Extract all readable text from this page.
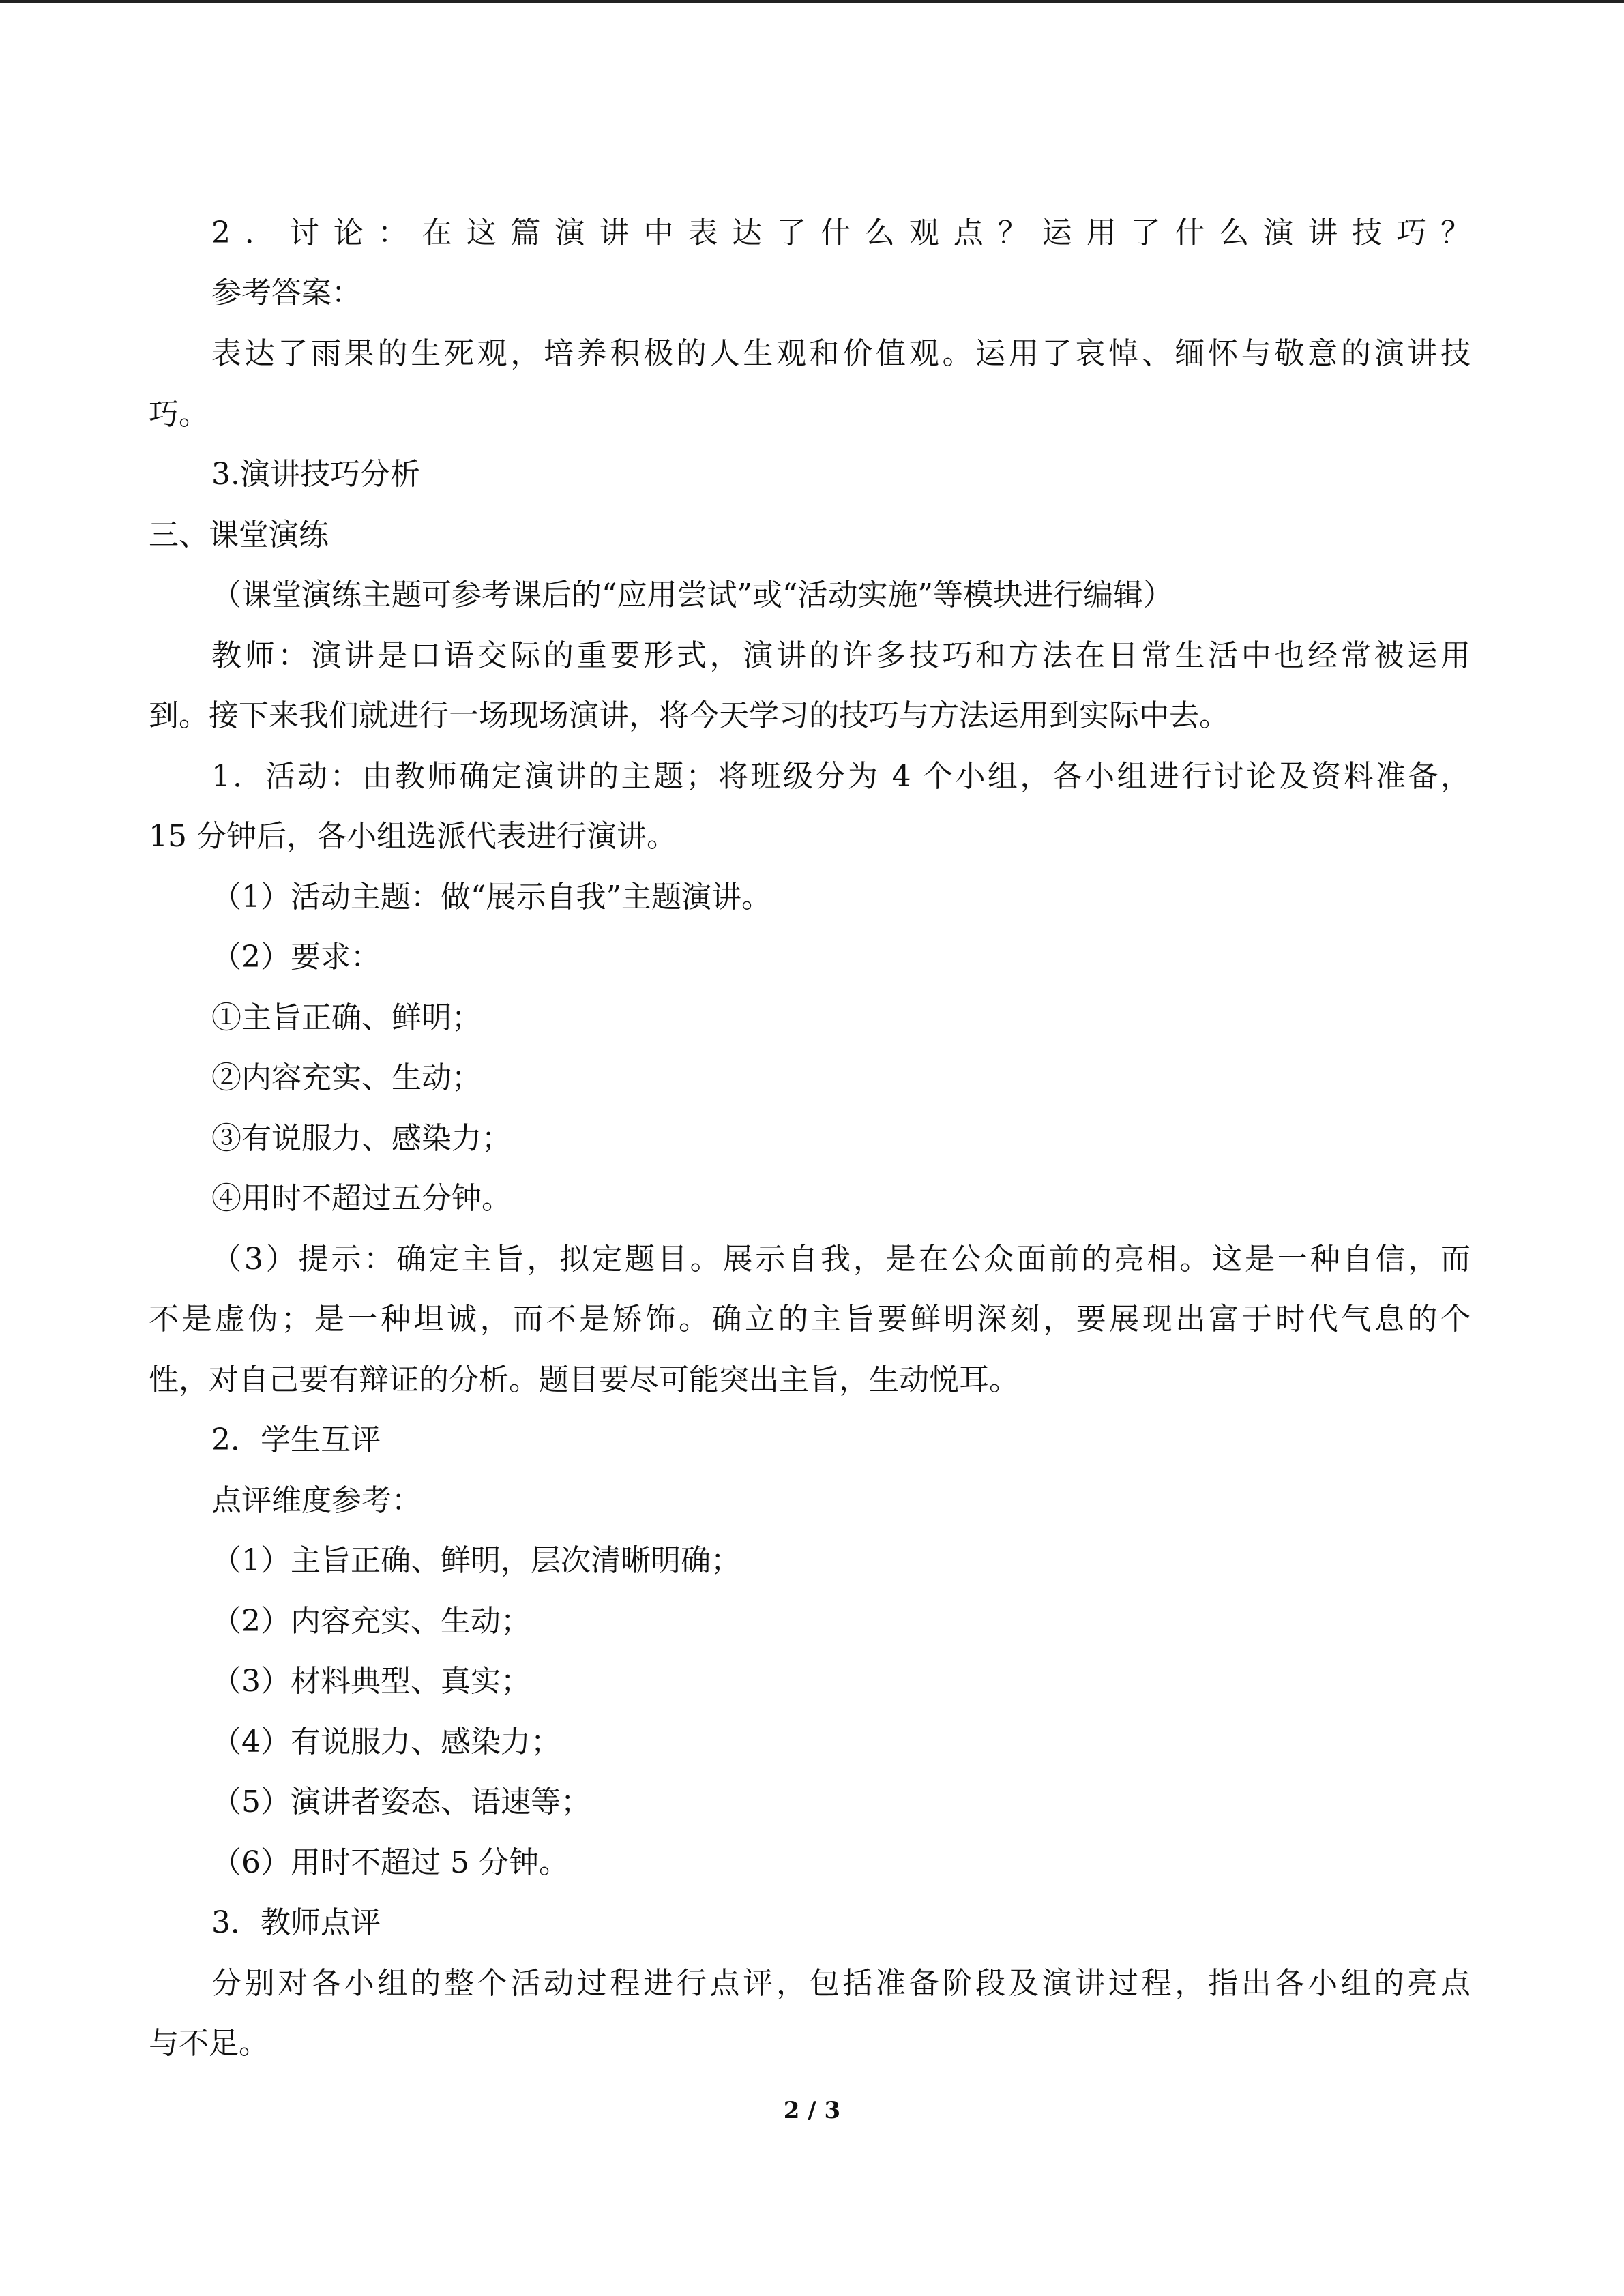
2．讨论：在这篇演讲中表达了什么观点？运用了什么演讲技巧？
参考答案：
表达了雨果的生死观，培养积极的人生观和价值观。运用了哀悼、缅怀与敬意的演讲技
巧。
3.演讲技巧分析
三、课堂演练
（课堂演练主题可参考课后的“应用尝试”或“活动实施”等模块进行编辑）
教师：演讲是口语交际的重要形式，演讲的许多技巧和方法在日常生活中也经常被运用
到。接下来我们就进行一场现场演讲，将今天学习的技巧与方法运用到实际中去。
1．活动：由教师确定演讲的主题；将班级分为 4 个小组，各小组进行讨论及资料准备，
15 分钟后，各小组选派代表进行演讲。
（1）活动主题：做“展示自我”主题演讲。
（2）要求：
①主旨正确、鲜明；
②内容充实、生动；
③有说服力、感染力；
④用时不超过五分钟。
（3）提示：确定主旨，拟定题目。展示自我，是在公众面前的亮相。这是一种自信，而
不是虚伪；是一种坦诚，而不是矫饰。确立的主旨要鲜明深刻，要展现出富于时代气息的个
性，对自己要有辩证的分析。题目要尽可能突出主旨，生动悦耳。
2．学生互评
点评维度参考：
（1）主旨正确、鲜明，层次清晰明确；
（2）内容充实、生动；
（3）材料典型、真实；
（4）有说服力、感染力；
（5）演讲者姿态、语速等；
（6）用时不超过 5 分钟。
3．教师点评
分别对各小组的整个活动过程进行点评，包括准备阶段及演讲过程，指出各小组的亮点
与不足。
2 / 3
